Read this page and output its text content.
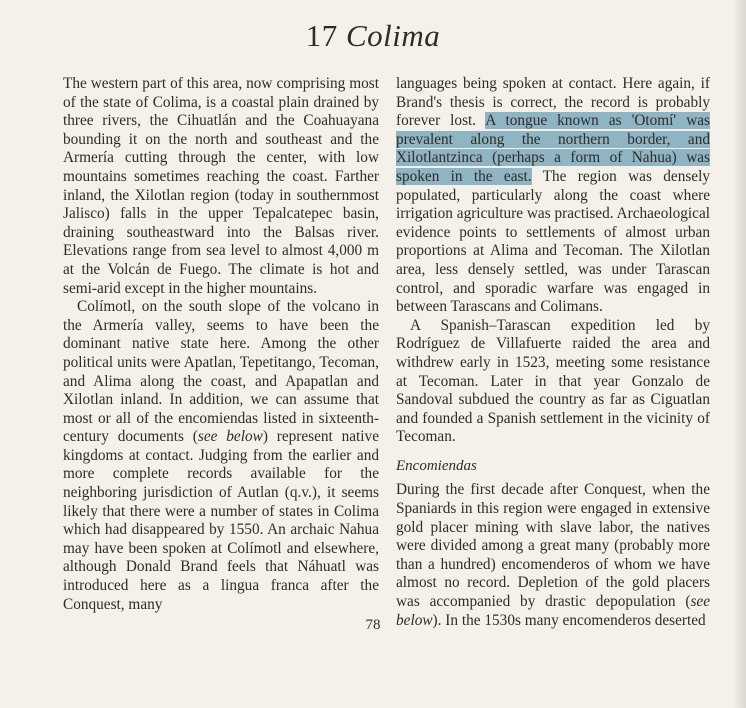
17 Colima

The western part of this area, now comprising most of the state of Colima, is a coastal plain drained by three rivers, the Cihuatlán and the Coahuayana bounding it on the north and southeast and the Armería cutting through the center, with low mountains sometimes reaching the coast. Farther inland, the Xilotlan region (today in southernmost Jalisco) falls in the upper Tepalcatepec basin, draining southeastward into the Balsas river. Elevations range from sea level to almost 4,000 m at the Volcán de Fuego. The climate is hot and semi-arid except in the higher mountains.

Colímotl, on the south slope of the volcano in the Armería valley, seems to have been the dominant native state here. Among the other political units were Apatlan, Tepetitango, Tecoman, and Alima along the coast, and Apapatlan and Xilotlan inland. In addition, we can assume that most or all of the encomiendas listed in sixteenth-century documents (see below) represent native kingdoms at contact. Judging from the earlier and more complete records available for the neighboring jurisdiction of Autlan (q.v.), it seems likely that there were a number of states in Colima which had disappeared by 1550. An archaic Nahua may have been spoken at Colímotl and elsewhere, although Donald Brand feels that Náhuatl was introduced here as a lingua franca after the Conquest, many

languages being spoken at contact. Here again, if Brand's thesis is correct, the record is probably forever lost. A tongue known as 'Otomí' was prevalent along the northern border, and Xilotlantzinca (perhaps a form of Nahua) was spoken in the east. The region was densely populated, particularly along the coast where irrigation agriculture was practised. Archaeological evidence points to settlements of almost urban proportions at Alima and Tecoman. The Xilotlan area, less densely settled, was under Tarascan control, and sporadic warfare was engaged in between Tarascans and Colimans.

A Spanish–Tarascan expedition led by Rodríguez de Villafuerte raided the area and withdrew early in 1523, meeting some resistance at Tecoman. Later in that year Gonzalo de Sandoval subdued the country as far as Ciguatlan and founded a Spanish settlement in the vicinity of Tecoman.

Encomiendas

During the first decade after Conquest, when the Spaniards in this region were engaged in extensive gold placer mining with slave labor, the natives were divided among a great many (probably more than a hundred) encomenderos of whom we have almost no record. Depletion of the gold placers was accompanied by drastic depopulation (see below). In the 1530s many encomenderos deserted

78
